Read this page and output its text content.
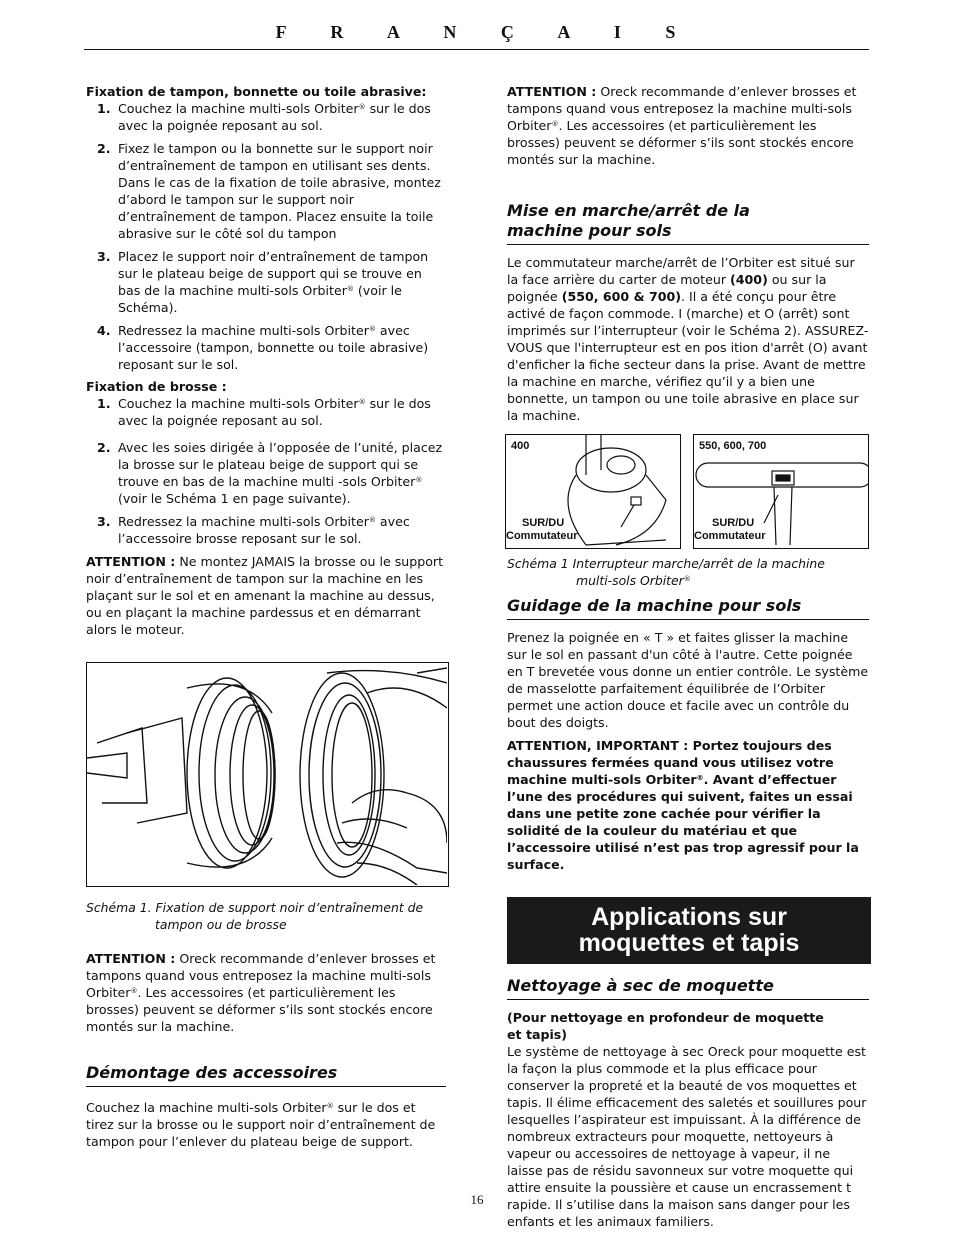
F R A N Ç A I S

Fixation de tampon, bonnette ou toile abrasive:

1. Couchez la machine multi-sols Orbiter® sur le dos avec la poignée reposant au sol.
2. Fixez le tampon ou la bonnette sur le support noir d’entraînement de tampon en utilisant ses dents. Dans le cas de la fixation de toile abrasive, montez d’abord le tampon sur le support noir d’entraînement de tampon. Placez ensuite la toile abrasive sur le côté sol du tampon
3. Placez le support noir d’entraînement de tampon sur le plateau beige de support qui se trouve en bas de la machine multi-sols Orbiter® (voir le Schéma).
4. Redressez la machine multi-sols Orbiter® avec l’accessoire (tampon, bonnette ou toile abrasive) reposant sur le sol.

Fixation de brosse :

1. Couchez la machine multi-sols Orbiter® sur le dos avec la poignée reposant au sol.
2. Avec les soies dirigée à l’opposée de l’unité, placez la brosse sur le plateau beige de support qui se trouve en bas de la machine multi -sols Orbiter® (voir le Schéma 1 en page suivante).
3. Redressez la machine multi-sols Orbiter® avec l’accessoire brosse reposant sur le sol.

ATTENTION : Ne montez JAMAIS la brosse ou le support noir d’entraînement de tampon sur la machine en les plaçant sur le sol et en amenant la machine au dessus, ou en plaçant la machine pardessus et en démarrant alors le moteur.

Schéma 1. Fixation de support noir d’entraînement de
tampon ou de brosse

ATTENTION : Oreck recommande d’enlever brosses et tampons quand vous entreposez la machine multi-sols Orbiter®. Les accessoires (et particulièrement les brosses) peuvent se déformer s’ils sont stockés encore montés sur la machine.

Démontage des accessoires

Couchez la machine multi-sols Orbiter® sur le dos et tirez sur la brosse ou le support noir d’entraînement de tampon pour l’enlever du plateau beige de support.

ATTENTION : Oreck recommande d’enlever brosses et tampons quand vous entreposez la machine multi-sols Orbiter®. Les accessoires (et particulièrement les brosses) peuvent se déformer s’ils sont stockés encore montés sur la machine.

Mise en marche/arrêt de la
machine pour sols

Le commutateur marche/arrêt de l’Orbiter est situé sur la face arrière du carter de moteur (400) ou sur la poignée (550, 600 & 700). Il a été conçu pour être activé de façon commode. I (marche) et O (arrêt) sont imprimés sur l’interrupteur (voir le Schéma 2). ASSUREZ-VOUS que l'interrupteur est en pos ition d'arrêt (O) avant d'enficher la fiche secteur dans la prise. Avant de mettre la machine en marche, vérifiez qu’il y a bien une bonnette, un tampon ou une toile abrasive en place sur la machine.

400
SUR/DU
Commutateur
550, 600, 700
SUR/DU
Commutateur

Schéma 1 Interrupteur marche/arrêt de la machine
multi-sols Orbiter®

Guidage de la machine pour sols

Prenez la poignée en « T » et faites glisser la machine sur le sol en passant d'un côté à l'autre. Cette poignée en T brevetée vous donne un entier contrôle. Le système de masselotte parfaitement équilibrée de l’Orbiter permet une action douce et facile avec un contrôle du bout des doigts.

ATTENTION, IMPORTANT : Portez toujours des chaussures fermées quand vous utilisez votre machine multi-sols Orbiter®. Avant d’effectuer l’une des procédures qui suivent, faites un essai dans une petite zone cachée pour vérifier la solidité de la couleur du matériau et que l’accessoire utilisé n’est pas trop agressif pour la surface.

Applications sur
moquettes et tapis

Nettoyage à sec de moquette

(Pour nettoyage en profondeur de moquette
et tapis)

Le système de nettoyage à sec Oreck pour moquette est la façon la plus commode et la plus efficace pour conserver la propreté et la beauté de vos moquettes et tapis. Il élime efficacement des saletés et souillures pour lesquelles l’aspirateur est impuissant. À la différence de nombreux extracteurs pour moquette, nettoyeurs à vapeur ou accessoires de nettoyage à vapeur, il ne laisse pas de résidu savonneux sur votre moquette qui attire ensuite la poussière et cause un encrassement t rapide. Il s’utilise dans la maison sans danger pour les enfants et les animaux familiers.

16
